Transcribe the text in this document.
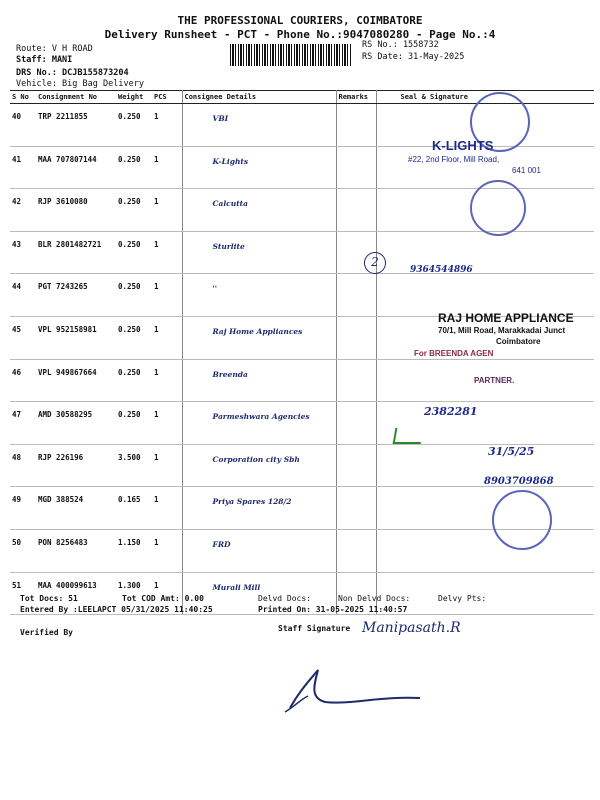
THE PROFESSIONAL COURIERS, COIMBATORE
Delivery Runsheet - PCT - Phone No.:9047080280 - Page No.:4
Route: V H ROAD
Staff: MANI
DRS No.: DCJB155873204
Vehicle: Big Bag Delivery
RS No.: 1558732
RS Date: 31-May-2025
S No	Consignment No	Weight	PCS	Consignee Details	Remarks	Seal & Signature
40	TRP 2211855	0.250	1	VBI		
41	MAA 707807144	0.250	1	K-Lights		
42	RJP 3610080	0.250	1	Calcutta		
43	BLR 2801482721	0.250	1	Sturlite		
44	PGT 7243265	0.250	1	''		
45	VPL 952158981	0.250	1	Raj Home Appliances		
46	VPL 949867664	0.250	1	Breenda		
47	AMD 30588295	0.250	1	Parmeshwara Agencies		
48	RJP 226196	3.500	1	Corporation city Sbh		
49	MGD 388524	0.165	1	Priya Spares 128/2		
50	PON 8256483	1.150	1	FRD		
51	MAA 400099613	1.300	1	Murali Mill		
2
K-LIGHTS
#22, 2nd Floor, Mill Road,
641 001
9364544896
RAJ HOME APPLIANCE
70/1, Mill Road, Marakkadai Junct
Coimbatore
For BREENDA AGEN
PARTNER.
2382281
31/5/25
8903709868
Tot Docs: 51	Tot COD Amt: 0.00	Delvd Docs:	Non Delvd Docs:	Delvy Pts:
Entered By :LEELAPCT 05/31/2025 11:40:25	Printed On: 31-05-2025 11:40:57
Verified By	Staff Signature Manipasath.R
